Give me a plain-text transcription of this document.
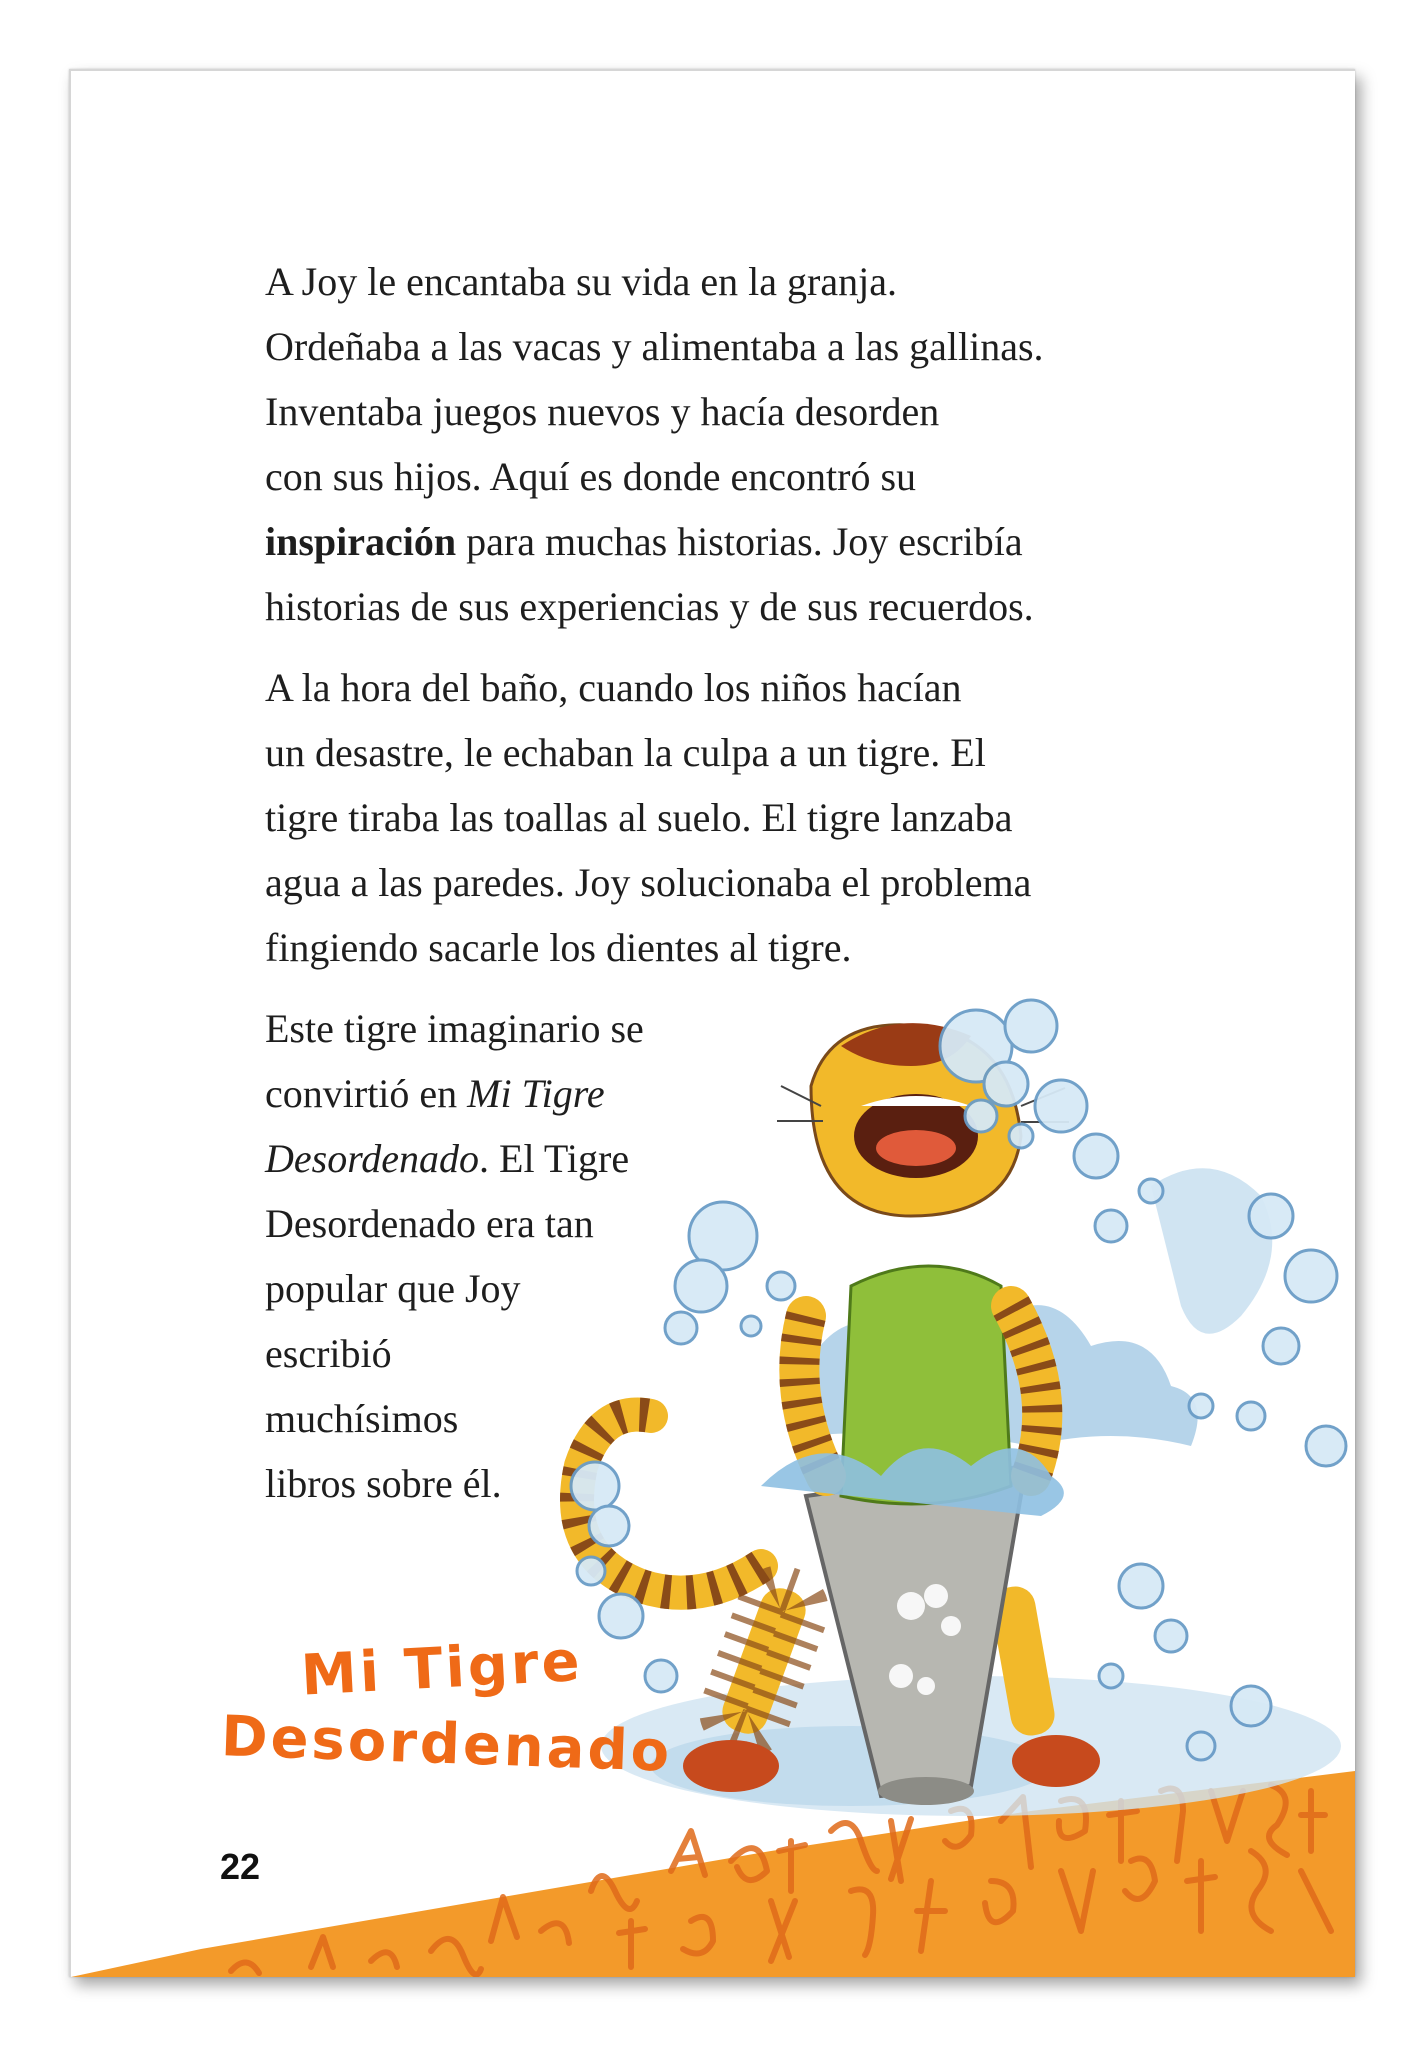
A Joy le encantaba su vida en la granja.
Ordeñaba a las vacas y alimentaba a las gallinas.
Inventaba juegos nuevos y hacía desorden
con sus hijos. Aquí es donde encontró su
inspiración para muchas historias. Joy escribía
historias de sus experiencias y de sus recuerdos.
A la hora del baño, cuando los niños hacían
un desastre, le echaban la culpa a un tigre. El
tigre tiraba las toallas al suelo. El tigre lanzaba
agua a las paredes. Joy solucionaba el problema
fingiendo sacarle los dientes al tigre.
Este tigre imaginario se
convirtió en Mi Tigre
Desordenado. El Tigre
Desordenado era tan
popular que Joy
escribió
muchísimos
libros sobre él.
Mi Tigre
Desordenado
22
